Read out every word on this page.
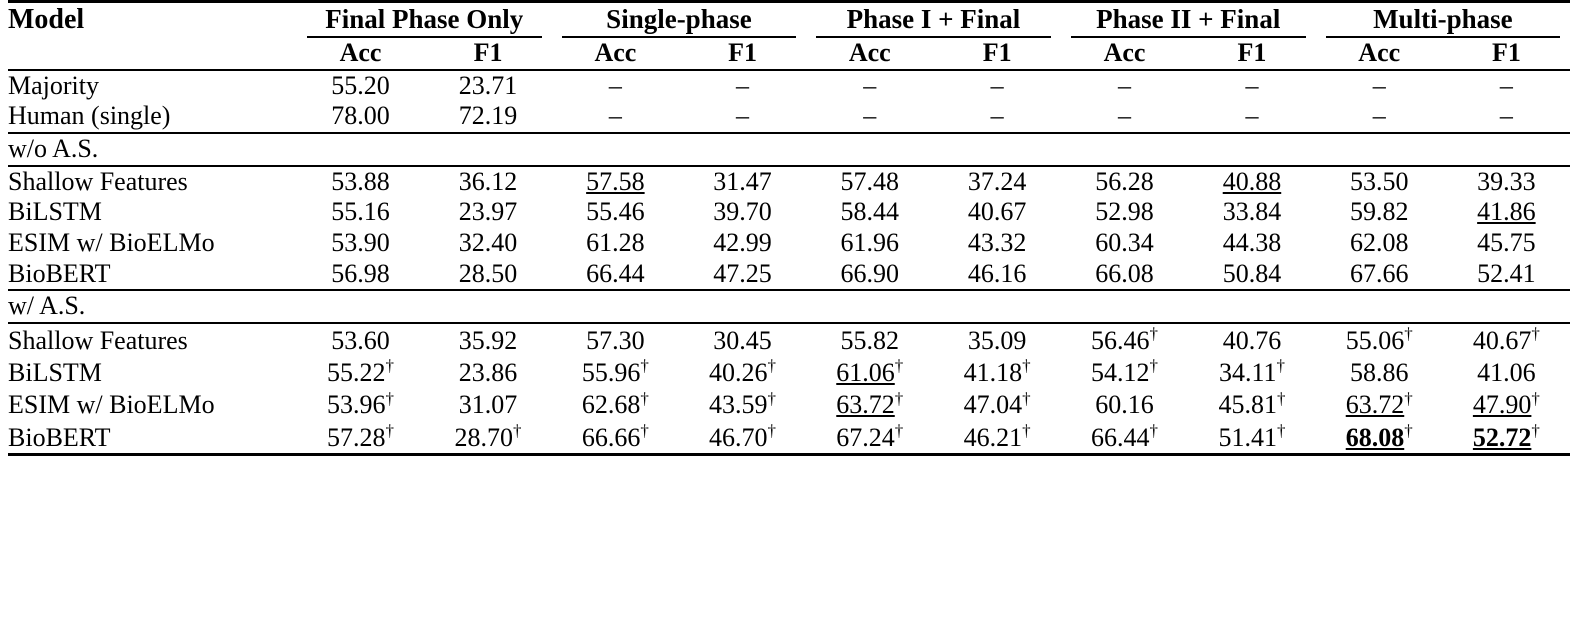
Model	Final Phase Only		Single-phase		Phase I + Final		Phase II + Final		Multi-phase	

	Acc	F1	Acc	F1	Acc	F1	Acc	F1	Acc	F1
Majority	55.20	23.71	–	–	–	–	–	–	–	–
Human (single)	78.00	72.19	–	–	–	–	–	–	–	–
w/o A.S.										
Shallow Features	53.88	36.12	57.58	31.47	57.48	37.24	56.28	40.88	53.50	39.33
BiLSTM	55.16	23.97	55.46	39.70	58.44	40.67	52.98	33.84	59.82	41.86
ESIM w/ BioELMo	53.90	32.40	61.28	42.99	61.96	43.32	60.34	44.38	62.08	45.75
BioBERT	56.98	28.50	66.44	47.25	66.90	46.16	66.08	50.84	67.66	52.41
w/ A.S.										
Shallow Features	53.60	35.92	57.30	30.45	55.82	35.09	56.46†	40.76	55.06†	40.67†
BiLSTM	55.22†	23.86	55.96†	40.26†	61.06†	41.18†	54.12†	34.11†	58.86	41.06
ESIM w/ BioELMo	53.96†	31.07	62.68†	43.59†	63.72†	47.04†	60.16	45.81†	63.72†	47.90†
BioBERT	57.28†	28.70†	66.66†	46.70†	67.24†	46.21†	66.44†	51.41†	68.08†	52.72†
